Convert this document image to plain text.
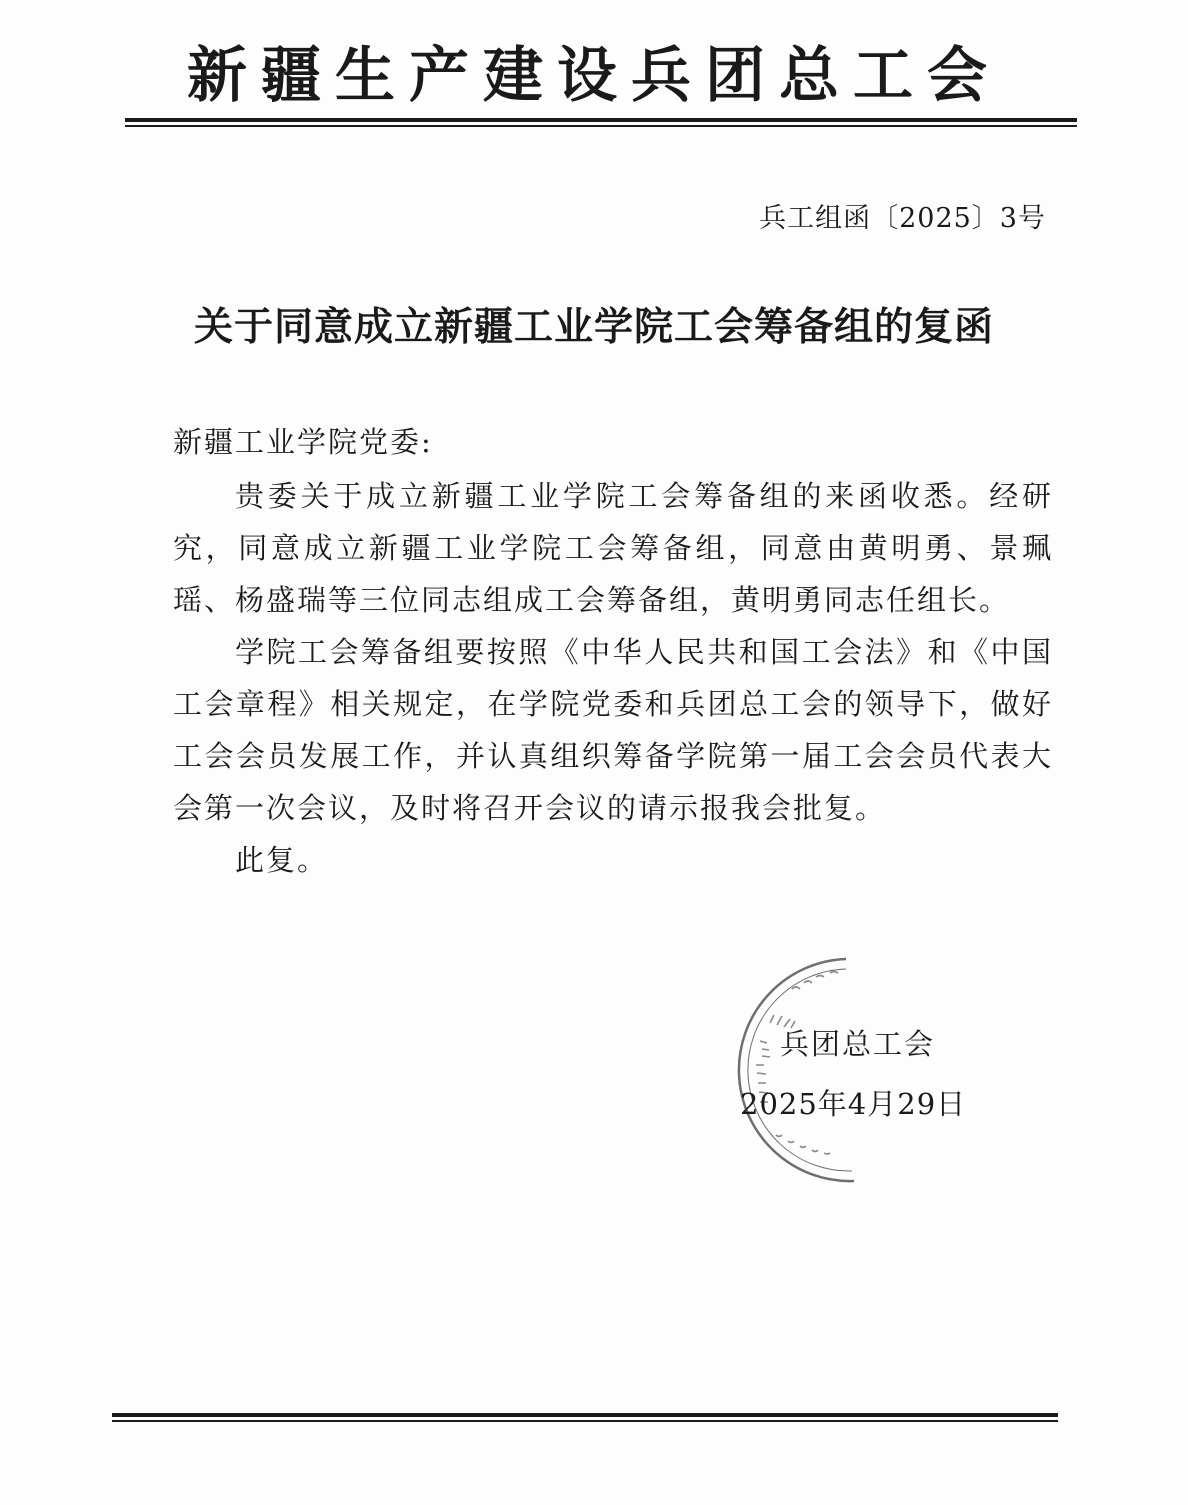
新疆生产建设兵团总工会
兵工组函〔2025〕3号
关于同意成立新疆工业学院工会筹备组的复函
新疆工业学院党委:

贵委关于成立新疆工业学院工会筹备组的来函收悉。经研究，同意成立新疆工业学院工会筹备组，同意由黄明勇、景珮瑶、杨盛瑞等三位同志组成工会筹备组，黄明勇同志任组长。

学院工会筹备组要按照《中华人民共和国工会法》和《中国工会章程》相关规定，在学院党委和兵团总工会的领导下，做好工会会员发展工作，并认真组织筹备学院第一届工会会员代表大会第一次会议，及时将召开会议的请示报我会批复。

此复。

兵团总工会
2025年4月29日
